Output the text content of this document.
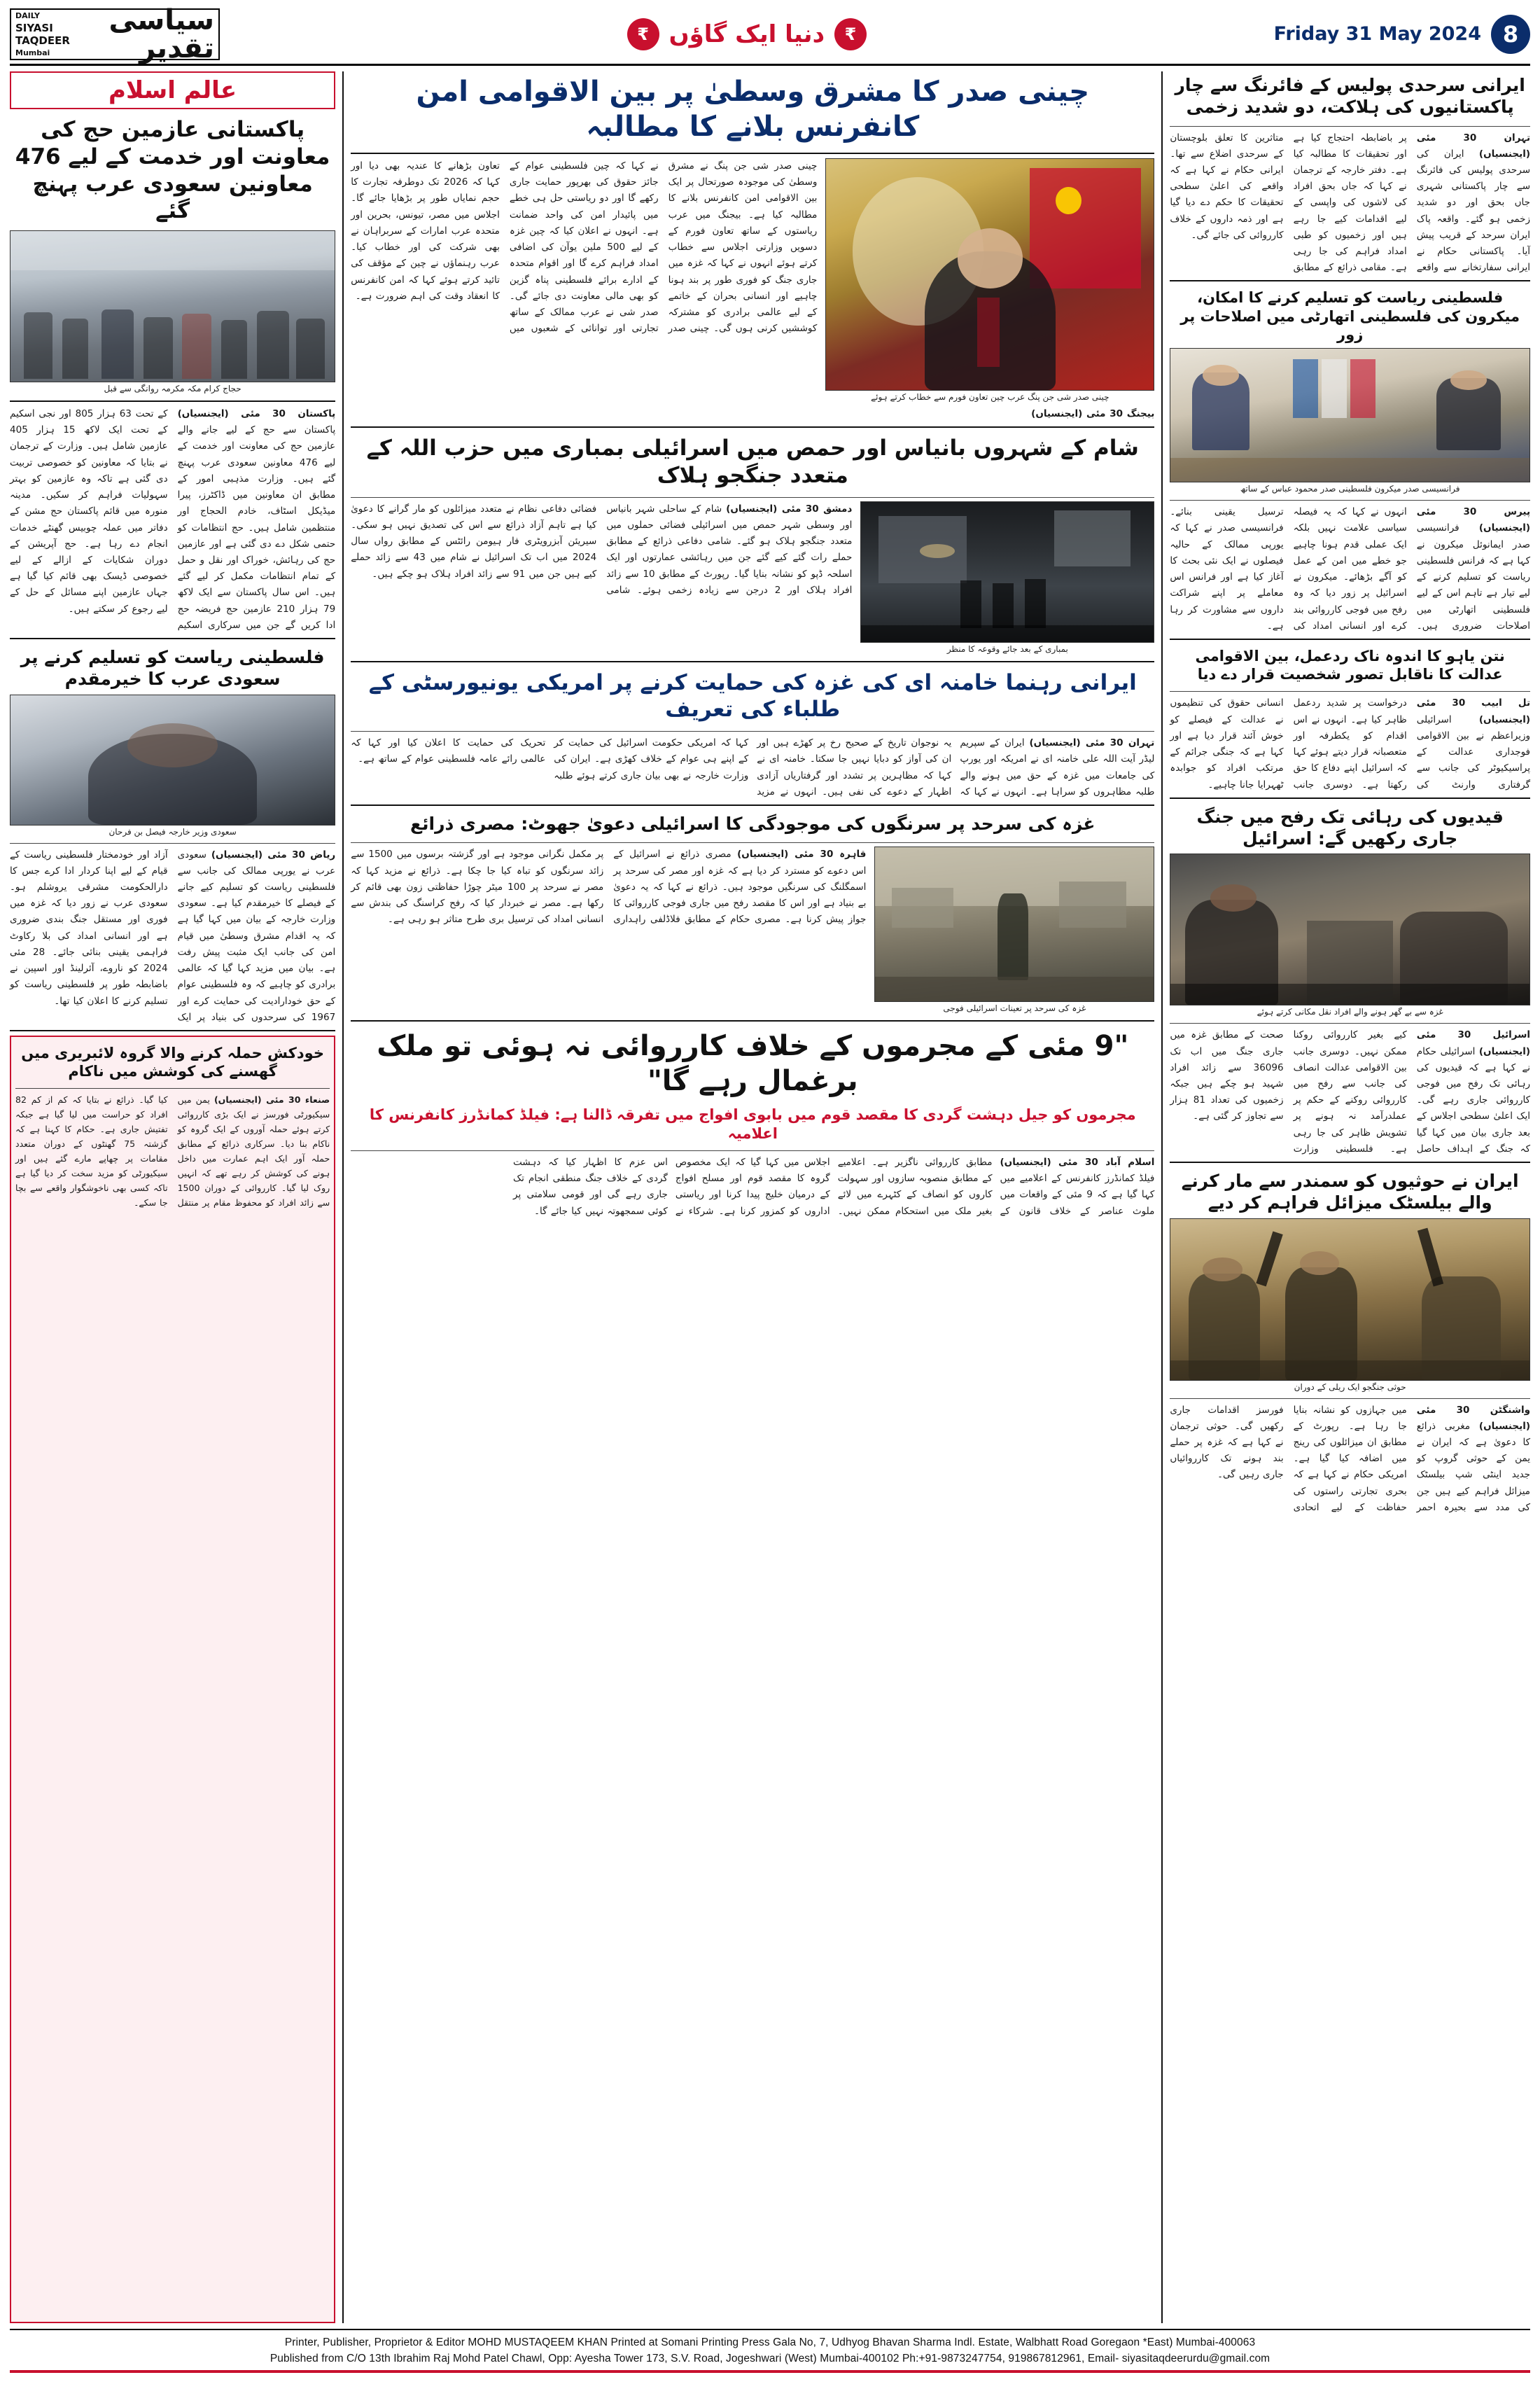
DAILY
SIYASI TAQDEER
Mumbai
سیاسی تقدیر	₹ دنیا ایک گاؤں	₹	Friday 31 May 2024 8
عالم اسلام
پاکستانی عازمین حج کی معاونت اور خدمت کے لیے 476 معاونین سعودی عرب پہنچ گئے
حجاج کرام مکہ مکرمہ روانگی سے قبل
پاکستان 30 مئی (ایجنسیاں) پاکستان سے حج کے لیے جانے والے عازمین حج کی معاونت اور خدمت کے لیے 476 معاونین سعودی عرب پہنچ گئے ہیں۔ وزارت مذہبی امور کے مطابق ان معاونین میں ڈاکٹرز، پیرا میڈیکل اسٹاف، خادم الحجاج اور منتظمین شامل ہیں۔ حج انتظامات کو حتمی شکل دے دی گئی ہے اور عازمین حج کی رہائش، خوراک اور نقل و حمل کے تمام انتظامات مکمل کر لیے گئے ہیں۔ اس سال پاکستان سے ایک لاکھ 79 ہزار 210 عازمین حج فریضہ حج ادا کریں گے جن میں سرکاری اسکیم کے تحت 63 ہزار 805 اور نجی اسکیم کے تحت ایک لاکھ 15 ہزار 405 عازمین شامل ہیں۔ وزارت کے ترجمان نے بتایا کہ معاونین کو خصوصی تربیت دی گئی ہے تاکہ وہ عازمین کو بہتر سہولیات فراہم کر سکیں۔ مدینہ منورہ میں قائم پاکستان حج مشن کے دفاتر میں عملہ چوبیس گھنٹے خدمات انجام دے رہا ہے۔ حج آپریشن کے دوران شکایات کے ازالے کے لیے خصوصی ڈیسک بھی قائم کیا گیا ہے جہاں عازمین اپنے مسائل کے حل کے لیے رجوع کر سکتے ہیں۔
فلسطینی ریاست کو تسلیم کرنے پر سعودی عرب کا خیرمقدم
سعودی وزیر خارجہ فیصل بن فرحان
ریاض 30 مئی (ایجنسیاں) سعودی عرب نے یورپی ممالک کی جانب سے فلسطینی ریاست کو تسلیم کیے جانے کے فیصلے کا خیرمقدم کیا ہے۔ سعودی وزارت خارجہ کے بیان میں کہا گیا ہے کہ یہ اقدام مشرق وسطیٰ میں قیام امن کی جانب ایک مثبت پیش رفت ہے۔ بیان میں مزید کہا گیا کہ عالمی برادری کو چاہیے کہ وہ فلسطینی عوام کے حق خودارادیت کی حمایت کرے اور 1967 کی سرحدوں کی بنیاد پر ایک آزاد اور خودمختار فلسطینی ریاست کے قیام کے لیے اپنا کردار ادا کرے جس کا دارالحکومت مشرقی یروشلم ہو۔ سعودی عرب نے زور دیا کہ غزہ میں فوری اور مستقل جنگ بندی ضروری ہے اور انسانی امداد کی بلا رکاوٹ فراہمی یقینی بنائی جائے۔ 28 مئی 2024 کو ناروے، آئرلینڈ اور اسپین نے باضابطہ طور پر فلسطینی ریاست کو تسلیم کرنے کا اعلان کیا تھا۔
خودکش حملہ کرنے والا گروہ لائبریری میں گھسنے کی کوشش میں ناکام
صنعاء 30 مئی (ایجنسیاں) یمن میں سیکیورٹی فورسز نے ایک بڑی کارروائی کرتے ہوئے حملہ آوروں کے ایک گروہ کو ناکام بنا دیا۔ سرکاری ذرائع کے مطابق حملہ آور ایک اہم عمارت میں داخل ہونے کی کوشش کر رہے تھے کہ انہیں روک لیا گیا۔ کارروائی کے دوران 1500 سے زائد افراد کو محفوظ مقام پر منتقل کیا گیا۔ ذرائع نے بتایا کہ کم از کم 82 افراد کو حراست میں لیا گیا ہے جبکہ تفتیش جاری ہے۔ حکام کا کہنا ہے کہ گزشتہ 75 گھنٹوں کے دوران متعدد مقامات پر چھاپے مارے گئے ہیں اور سیکیورٹی کو مزید سخت کر دیا گیا ہے تاکہ کسی بھی ناخوشگوار واقعے سے بچا جا سکے۔
چینی صدر کا مشرق وسطیٰ پر بین الاقوامی امن کانفرنس بلانے کا مطالبہ
چینی صدر شی جن پنگ نے مشرق وسطیٰ کی موجودہ صورتحال پر ایک بین الاقوامی امن کانفرنس بلانے کا مطالبہ کیا ہے۔ بیجنگ میں عرب ریاستوں کے ساتھ تعاون فورم کے دسویں وزارتی اجلاس سے خطاب کرتے ہوئے انہوں نے کہا کہ غزہ میں جاری جنگ کو فوری طور پر بند ہونا چاہیے اور انسانی بحران کے خاتمے کے لیے عالمی برادری کو مشترکہ کوششیں کرنی ہوں گی۔ چینی صدر نے کہا کہ چین فلسطینی عوام کے جائز حقوق کی بھرپور حمایت جاری رکھے گا اور دو ریاستی حل ہی خطے میں پائیدار امن کی واحد ضمانت ہے۔ انہوں نے اعلان کیا کہ چین غزہ کے لیے 500 ملین یوآن کی اضافی امداد فراہم کرے گا اور اقوام متحدہ کے ادارے برائے فلسطینی پناہ گزین کو بھی مالی معاونت دی جائے گی۔ صدر شی نے عرب ممالک کے ساتھ تجارتی اور توانائی کے شعبوں میں تعاون بڑھانے کا عندیہ بھی دیا اور کہا کہ 2026 تک دوطرفہ تجارت کا حجم نمایاں طور پر بڑھایا جائے گا۔ اجلاس میں مصر، تیونس، بحرین اور متحدہ عرب امارات کے سربراہان نے بھی شرکت کی اور خطاب کیا۔ عرب رہنماؤں نے چین کے مؤقف کی تائید کرتے ہوئے کہا کہ امن کانفرنس کا انعقاد وقت کی اہم ضرورت ہے۔
چینی صدر شی جن پنگ عرب چین تعاون فورم سے خطاب کرتے ہوئے
بیجنگ 30 مئی (ایجنسیاں)
شام کے شہروں بانیاس اور حمص میں اسرائیلی بمباری میں حزب اللہ کے متعدد جنگجو ہلاک
دمشق 30 مئی (ایجنسیاں) شام کے ساحلی شہر بانیاس اور وسطی شہر حمص میں اسرائیلی فضائی حملوں میں متعدد جنگجو ہلاک ہو گئے۔ شامی دفاعی ذرائع کے مطابق حملے رات گئے کیے گئے جن میں رہائشی عمارتوں اور ایک اسلحہ ڈپو کو نشانہ بنایا گیا۔ رپورٹ کے مطابق 10 سے زائد افراد ہلاک اور 2 درجن سے زیادہ زخمی ہوئے۔ شامی فضائی دفاعی نظام نے متعدد میزائلوں کو مار گرانے کا دعویٰ کیا ہے تاہم آزاد ذرائع سے اس کی تصدیق نہیں ہو سکی۔ سیریئن آبزرویٹری فار ہیومن رائٹس کے مطابق رواں سال 2024 میں اب تک اسرائیل نے شام میں 43 سے زائد حملے کیے ہیں جن میں 91 سے زائد افراد ہلاک ہو چکے ہیں۔
بمباری کے بعد جائے وقوعہ کا منظر
ایرانی رہنما خامنہ ای کی غزہ کی حمایت کرنے پر امریکی یونیورسٹی کے طلباء کی تعریف
تہران 30 مئی (ایجنسیاں) ایران کے سپریم لیڈر آیت اللہ علی خامنہ ای نے امریکہ اور یورپ کی جامعات میں غزہ کے حق میں ہونے والے طلبہ مظاہروں کو سراہا ہے۔ انہوں نے کہا کہ یہ نوجوان تاریخ کے صحیح رخ پر کھڑے ہیں اور ان کی آواز کو دبایا نہیں جا سکتا۔ خامنہ ای نے کہا کہ مظاہرین پر تشدد اور گرفتاریاں آزادی اظہار کے دعوے کی نفی ہیں۔ انہوں نے مزید کہا کہ امریکی حکومت اسرائیل کی حمایت کر کے اپنے ہی عوام کے خلاف کھڑی ہے۔ ایران کی وزارت خارجہ نے بھی بیان جاری کرتے ہوئے طلبہ تحریک کی حمایت کا اعلان کیا اور کہا کہ عالمی رائے عامہ فلسطینی عوام کے ساتھ ہے۔
غزہ کی سرحد پر سرنگوں کی موجودگی کا اسرائیلی دعویٰ جھوٹ: مصری ذرائع
قاہرہ 30 مئی (ایجنسیاں) مصری ذرائع نے اسرائیل کے اس دعوے کو مسترد کر دیا ہے کہ غزہ اور مصر کی سرحد پر اسمگلنگ کی سرنگیں موجود ہیں۔ ذرائع نے کہا کہ یہ دعویٰ بے بنیاد ہے اور اس کا مقصد رفح میں جاری فوجی کارروائی کا جواز پیش کرنا ہے۔ مصری حکام کے مطابق فلاڈلفی راہداری پر مکمل نگرانی موجود ہے اور گزشتہ برسوں میں 1500 سے زائد سرنگوں کو تباہ کیا جا چکا ہے۔ ذرائع نے مزید کہا کہ مصر نے سرحد پر 100 میٹر چوڑا حفاظتی زون بھی قائم کر رکھا ہے۔ مصر نے خبردار کیا کہ رفح کراسنگ کی بندش سے انسانی امداد کی ترسیل بری طرح متاثر ہو رہی ہے۔
غزہ کی سرحد پر تعینات اسرائیلی فوجی
"9 مئی کے مجرموں کے خلاف کارروائی نہ ہوئی تو ملک برغمال رہے گا"
مجرموں کو جیل دہشت گردی کا مقصد قوم میں بابوی افواج میں تفرقہ ڈالنا ہے: فیلڈ کمانڈرز کانفرنس کا اعلامیہ
اسلام آباد 30 مئی (ایجنسیاں) فیلڈ کمانڈرز کانفرنس کے اعلامیے میں کہا گیا ہے کہ 9 مئی کے واقعات میں ملوث عناصر کے خلاف قانون کے مطابق کارروائی ناگزیر ہے۔ اعلامیے کے مطابق منصوبہ سازوں اور سہولت کاروں کو انصاف کے کٹہرے میں لائے بغیر ملک میں استحکام ممکن نہیں۔ اجلاس میں کہا گیا کہ ایک مخصوص گروہ کا مقصد قوم اور مسلح افواج کے درمیان خلیج پیدا کرنا اور ریاستی اداروں کو کمزور کرنا ہے۔ شرکاء نے اس عزم کا اظہار کیا کہ دہشت گردی کے خلاف جنگ منطقی انجام تک جاری رہے گی اور قومی سلامتی پر کوئی سمجھوتہ نہیں کیا جائے گا۔
ایرانی سرحدی پولیس کے فائرنگ سے چار پاکستانیوں کی ہلاکت، دو شدید زخمی
تہران 30 مئی (ایجنسیاں) ایران کی سرحدی پولیس کی فائرنگ سے چار پاکستانی شہری جاں بحق اور دو شدید زخمی ہو گئے۔ واقعہ پاک ایران سرحد کے قریب پیش آیا۔ پاکستانی حکام نے ایرانی سفارتخانے سے واقعے پر باضابطہ احتجاج کیا ہے اور تحقیقات کا مطالبہ کیا ہے۔ دفتر خارجہ کے ترجمان نے کہا کہ جاں بحق افراد کی لاشوں کی واپسی کے لیے اقدامات کیے جا رہے ہیں اور زخمیوں کو طبی امداد فراہم کی جا رہی ہے۔ مقامی ذرائع کے مطابق متاثرین کا تعلق بلوچستان کے سرحدی اضلاع سے تھا۔ ایرانی حکام نے کہا ہے کہ واقعے کی اعلیٰ سطحی تحقیقات کا حکم دے دیا گیا ہے اور ذمہ داروں کے خلاف کارروائی کی جائے گی۔
فلسطینی ریاست کو تسلیم کرنے کا امکان، میکرون کی فلسطینی اتھارٹی میں اصلاحات پر زور
فرانسیسی صدر میکرون فلسطینی صدر محمود عباس کے ساتھ
پیرس 30 مئی (ایجنسیاں) فرانسیسی صدر ایمانوئل میکرون نے کہا ہے کہ فرانس فلسطینی ریاست کو تسلیم کرنے کے لیے تیار ہے تاہم اس کے لیے فلسطینی اتھارٹی میں اصلاحات ضروری ہیں۔ انہوں نے کہا کہ یہ فیصلہ سیاسی علامت نہیں بلکہ ایک عملی قدم ہونا چاہیے جو خطے میں امن کے عمل کو آگے بڑھائے۔ میکرون نے اسرائیل پر زور دیا کہ وہ رفح میں فوجی کارروائی بند کرے اور انسانی امداد کی ترسیل یقینی بنائے۔ فرانسیسی صدر نے کہا کہ یورپی ممالک کے حالیہ فیصلوں نے ایک نئی بحث کا آغاز کیا ہے اور فرانس اس معاملے پر اپنے شراکت داروں سے مشاورت کر رہا ہے۔
نتن یاہو کا اندوہ ناک ردعمل، بین الاقوامی عدالت کا ناقابل تصور شخصیت قرار دے دیا
تل ابیب 30 مئی (ایجنسیاں) اسرائیلی وزیراعظم نے بین الاقوامی فوجداری عدالت کے پراسیکیوٹر کی جانب سے گرفتاری وارنٹ کی درخواست پر شدید ردعمل ظاہر کیا ہے۔ انہوں نے اس اقدام کو یکطرفہ اور متعصبانہ قرار دیتے ہوئے کہا کہ اسرائیل اپنے دفاع کا حق رکھتا ہے۔ دوسری جانب انسانی حقوق کی تنظیموں نے عدالت کے فیصلے کو خوش آئند قرار دیا ہے اور کہا ہے کہ جنگی جرائم کے مرتکب افراد کو جوابدہ ٹھہرایا جانا چاہیے۔
قیدیوں کی رہائی تک رفح میں جنگ جاری رکھیں گے: اسرائیل
غزہ سے بے گھر ہونے والے افراد نقل مکانی کرتے ہوئے
اسرائیل 30 مئی (ایجنسیاں) اسرائیلی حکام نے کہا ہے کہ قیدیوں کی رہائی تک رفح میں فوجی کارروائی جاری رہے گی۔ ایک اعلیٰ سطحی اجلاس کے بعد جاری بیان میں کہا گیا کہ جنگ کے اہداف حاصل کیے بغیر کارروائی روکنا ممکن نہیں۔ دوسری جانب بین الاقوامی عدالت انصاف کی جانب سے رفح میں کارروائی روکنے کے حکم پر عملدرآمد نہ ہونے پر تشویش ظاہر کی جا رہی ہے۔ فلسطینی وزارت صحت کے مطابق غزہ میں جاری جنگ میں اب تک 36096 سے زائد افراد شہید ہو چکے ہیں جبکہ زخمیوں کی تعداد 81 ہزار سے تجاوز کر گئی ہے۔
ایران نے حوثیوں کو سمندر سے مار کرنے والے بیلسٹک میزائل فراہم کر دیے
حوثی جنگجو ایک ریلی کے دوران
واشنگٹن 30 مئی (ایجنسیاں) مغربی ذرائع کا دعویٰ ہے کہ ایران نے یمن کے حوثی گروپ کو جدید اینٹی شپ بیلسٹک میزائل فراہم کیے ہیں جن کی مدد سے بحیرہ احمر میں جہازوں کو نشانہ بنایا جا رہا ہے۔ رپورٹ کے مطابق ان میزائلوں کی رینج میں اضافہ کیا گیا ہے۔ امریکی حکام نے کہا ہے کہ بحری تجارتی راستوں کی حفاظت کے لیے اتحادی فورسز اقدامات جاری رکھیں گی۔ حوثی ترجمان نے کہا ہے کہ غزہ پر حملے بند ہونے تک کارروائیاں جاری رہیں گی۔
Printer, Publisher, Proprietor & Editor MOHD MUSTAQEEM KHAN Printed at Somani Printing Press Gala No, 7, Udhyog Bhavan Sharma Indl. Estate, Walbhatt Road Goregaon *East) Mumbai-400063
Published from C/O 13th Ibrahim Raj Mohd Patel Chawl, Opp: Ayesha Tower 173, S.V. Road, Jogeshwari (West) Mumbai-400102 Ph:+91-9873247754, 919867812961, Email- siyasitaqdeerurdu@gmail.com
